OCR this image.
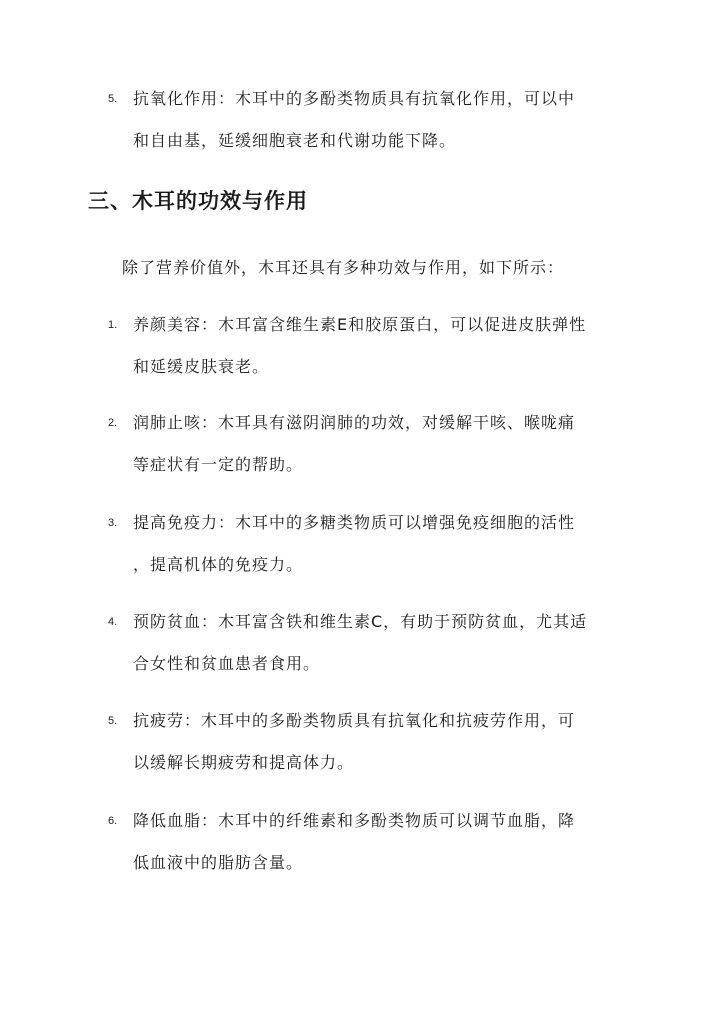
5. 抗氧化作用：木耳中的多酚类物质具有抗氧化作用，可以中
和自由基，延缓细胞衰老和代谢功能下降。
三、木耳的功效与作用
除了营养价值外，木耳还具有多种功效与作用，如下所示：
1. 养颜美容：木耳富含维生素E和胶原蛋白，可以促进皮肤弹性
和延缓皮肤衰老。
2. 润肺止咳：木耳具有滋阴润肺的功效，对缓解干咳、喉咙痛
等症状有一定的帮助。
3. 提高免疫力：木耳中的多糖类物质可以增强免疫细胞的活性
，提高机体的免疫力。
4. 预防贫血：木耳富含铁和维生素C，有助于预防贫血，尤其适
合女性和贫血患者食用。
5. 抗疲劳：木耳中的多酚类物质具有抗氧化和抗疲劳作用，可
以缓解长期疲劳和提高体力。
6. 降低血脂：木耳中的纤维素和多酚类物质可以调节血脂，降
低血液中的脂肪含量。
